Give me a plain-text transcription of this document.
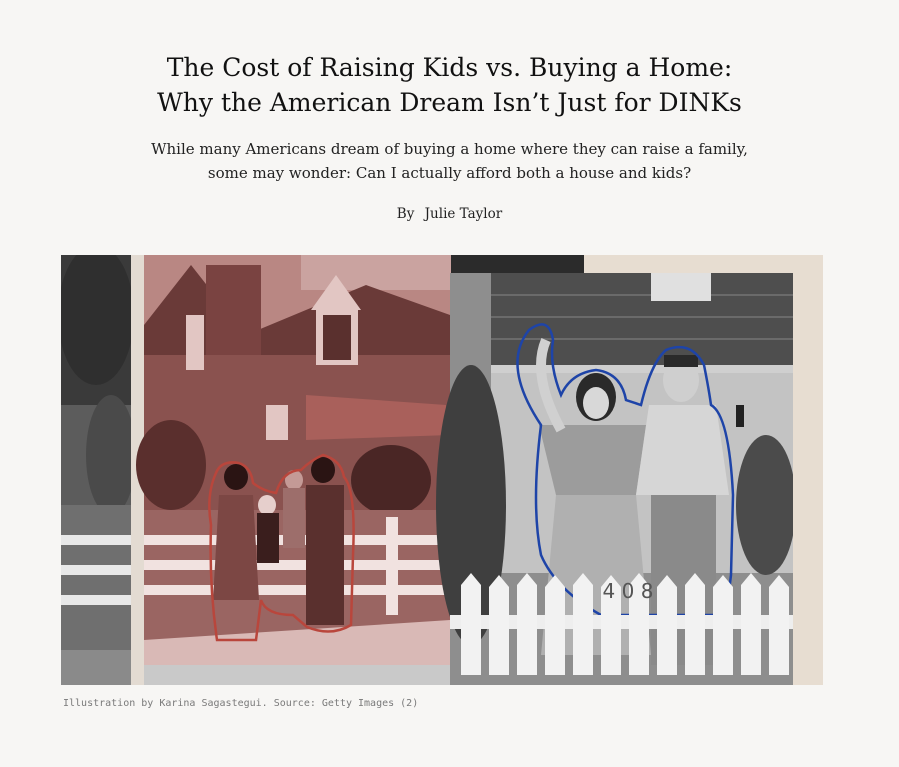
The Cost of Raising Kids vs. Buying a Home:
Why the American Dream Isn’t Just for DINKs

While many Americans dream of buying a home where they can raise a family,
some may wonder: Can I actually afford both a house and kids?

By Julie Taylor
4 0 8
Illustration by Karina Sagastegui. Source: Getty Images (2)
